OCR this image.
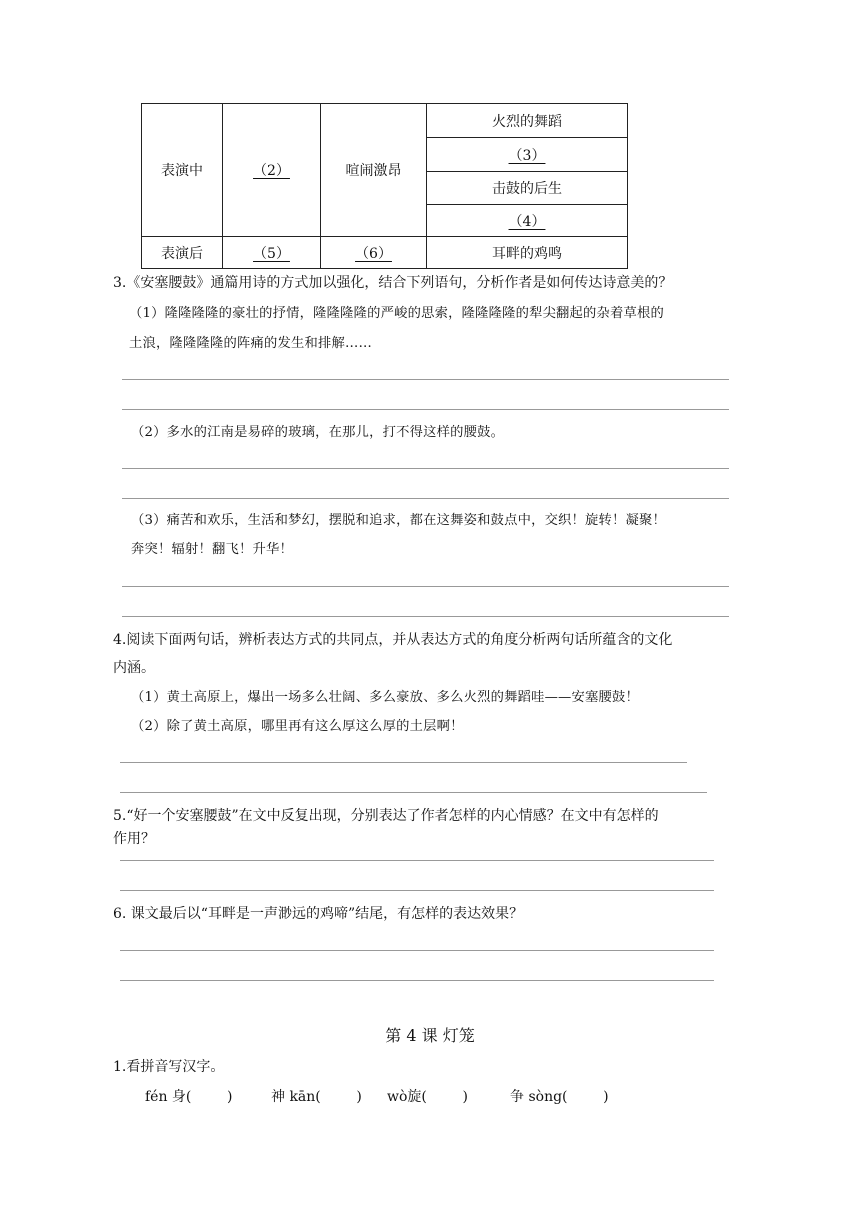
表演中	（2）	喧闹激昂	火烈的舞蹈
			（3）
			击鼓的后生
			（4）
表演后	（5）	（6）	耳畔的鸡鸣
3.《安塞腰鼓》通篇用诗的方式加以强化，结合下列语句，分析作者是如何传达诗意美的？
（1）隆隆隆隆的豪壮的抒情，隆隆隆隆的严峻的思索，隆隆隆隆的犁尖翻起的杂着草根的
土浪，隆隆隆隆的阵痛的发生和排解……
（2）多水的江南是易碎的玻璃，在那儿，打不得这样的腰鼓。
（3）痛苦和欢乐，生活和梦幻，摆脱和追求，都在这舞姿和鼓点中，交织！旋转！凝聚！
奔突！辐射！翻飞！升华！
4.阅读下面两句话，辨析表达方式的共同点，并从表达方式的角度分析两句话所蕴含的文化
内涵。
（1）黄土高原上，爆出一场多么壮阔、多么豪放、多么火烈的舞蹈哇——安塞腰鼓！
（2）除了黄土高原，哪里再有这么厚这么厚的土层啊！
5.“好一个安塞腰鼓”在文中反复出现，分别表达了作者怎样的内心情感？在文中有怎样的
作用？
6. 课文最后以“耳畔是一声渺远的鸡啼”结尾，有怎样的表达效果？
第 4 课 灯笼
1.看拼音写汉字。
fén 身(        )	神 kān(        ) wò旋(        )	争 sòng(        )
